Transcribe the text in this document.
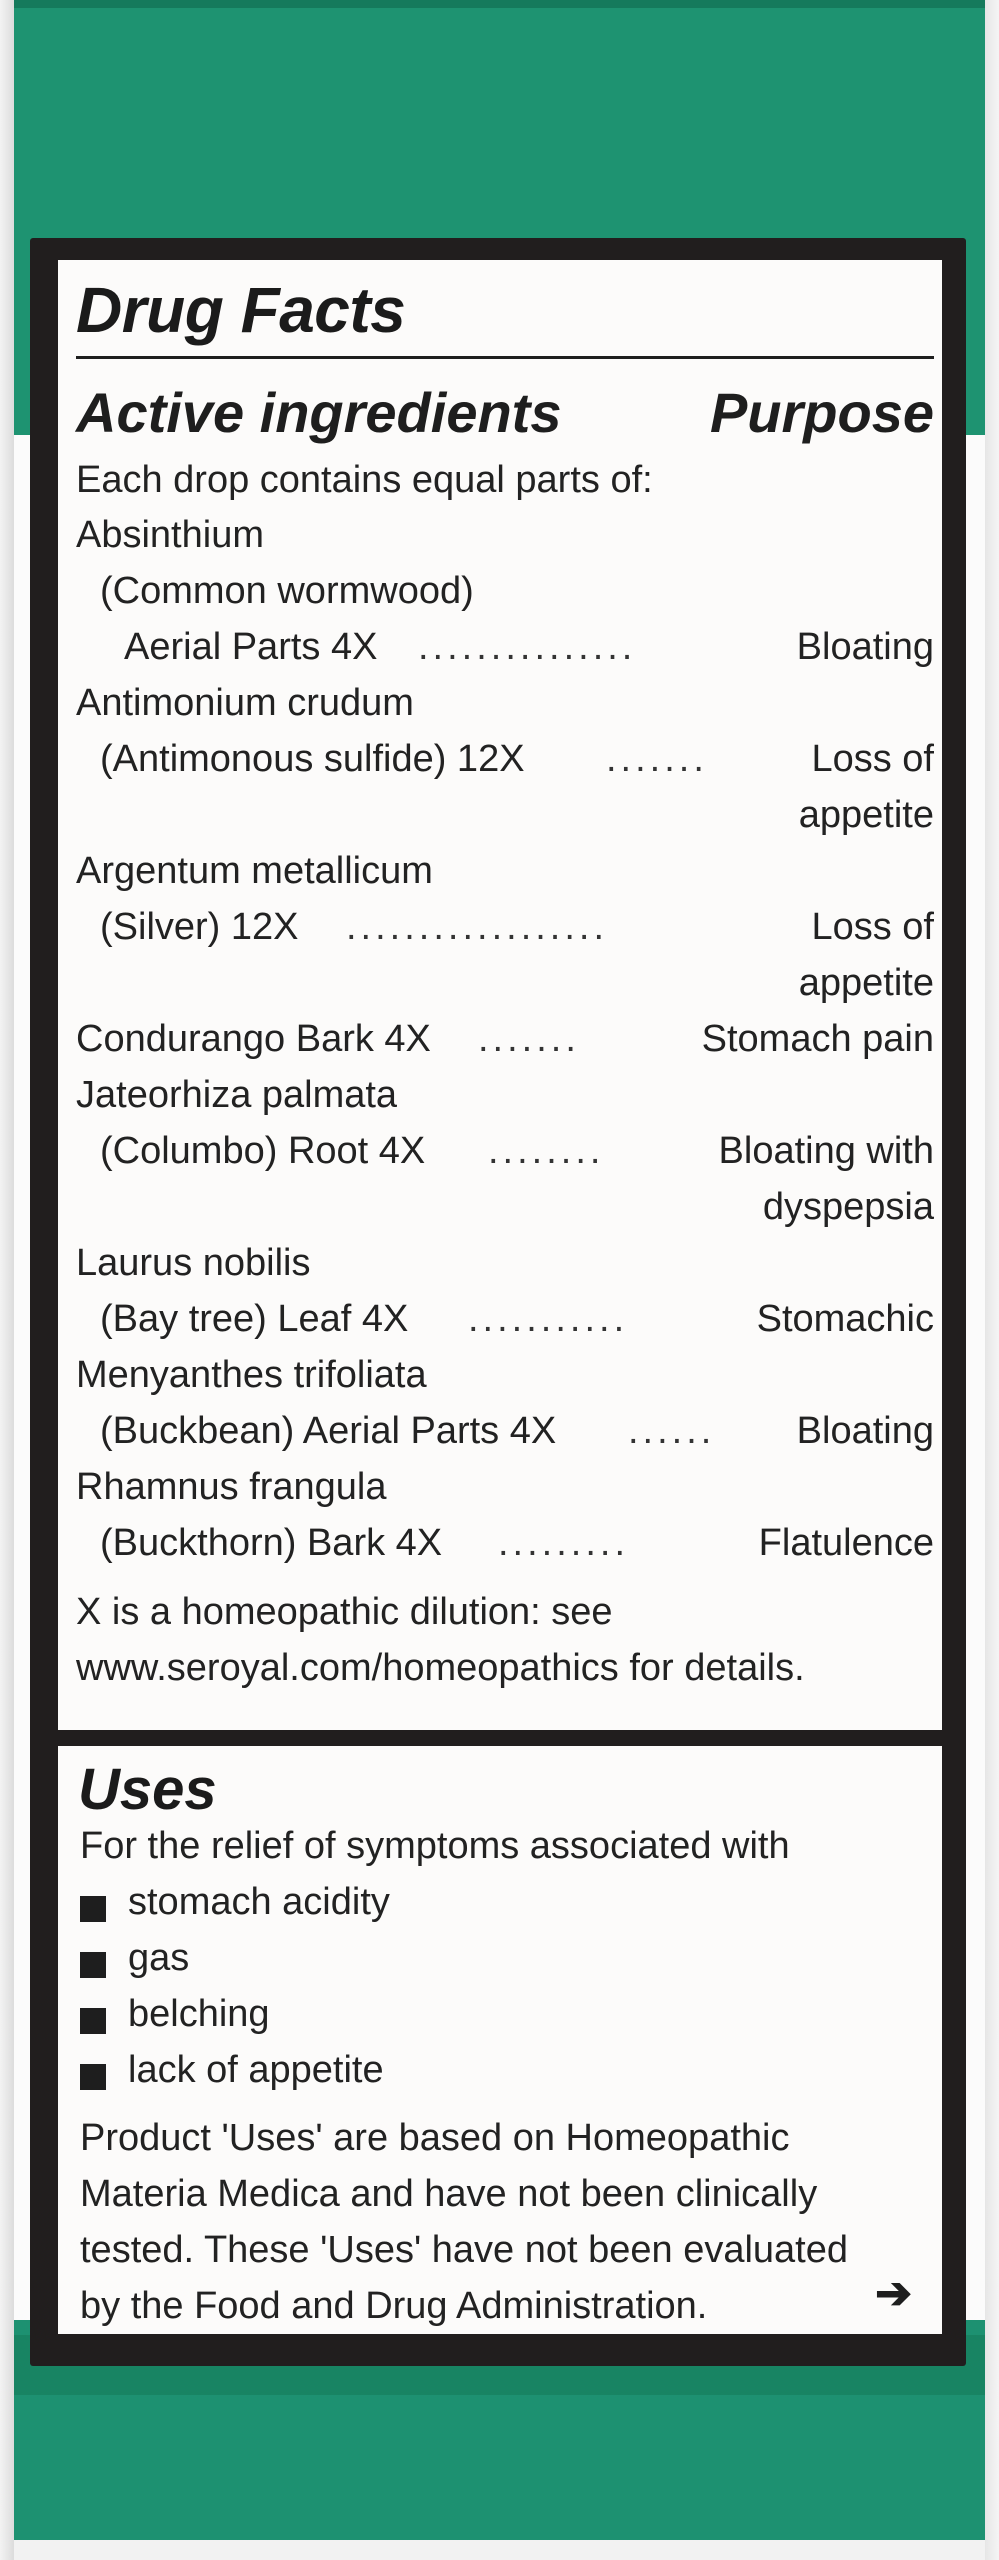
Drug Facts
Active ingredients	Purpose
Each drop contains equal parts of:
Absinthium
(Common wormwood)
Aerial Parts 4X ...............	Bloating
Antimonium crudum
(Antimonous sulfide) 12X .......	Loss of
appetite
Argentum metallicum
(Silver) 12X ..................	Loss of
appetite
Condurango Bark 4X .......	Stomach pain
Jateorhiza palmata
(Columbo) Root 4X ........	Bloating with
dyspepsia
Laurus nobilis
(Bay tree) Leaf 4X ...........	Stomachic
Menyanthes trifoliata
(Buckbean) Aerial Parts 4X ...... Bloating
Rhamnus frangula
(Buckthorn) Bark 4X .........	Flatulence
X is a homeopathic dilution: see
www.seroyal.com/homeopathics for details.
Uses
For the relief of symptoms associated with
stomach acidity
gas
belching
lack of appetite
Product 'Uses' are based on Homeopathic
Materia Medica and have not been clinically
tested. These 'Uses' have not been evaluated
by the Food and Drug Administration.	➔
